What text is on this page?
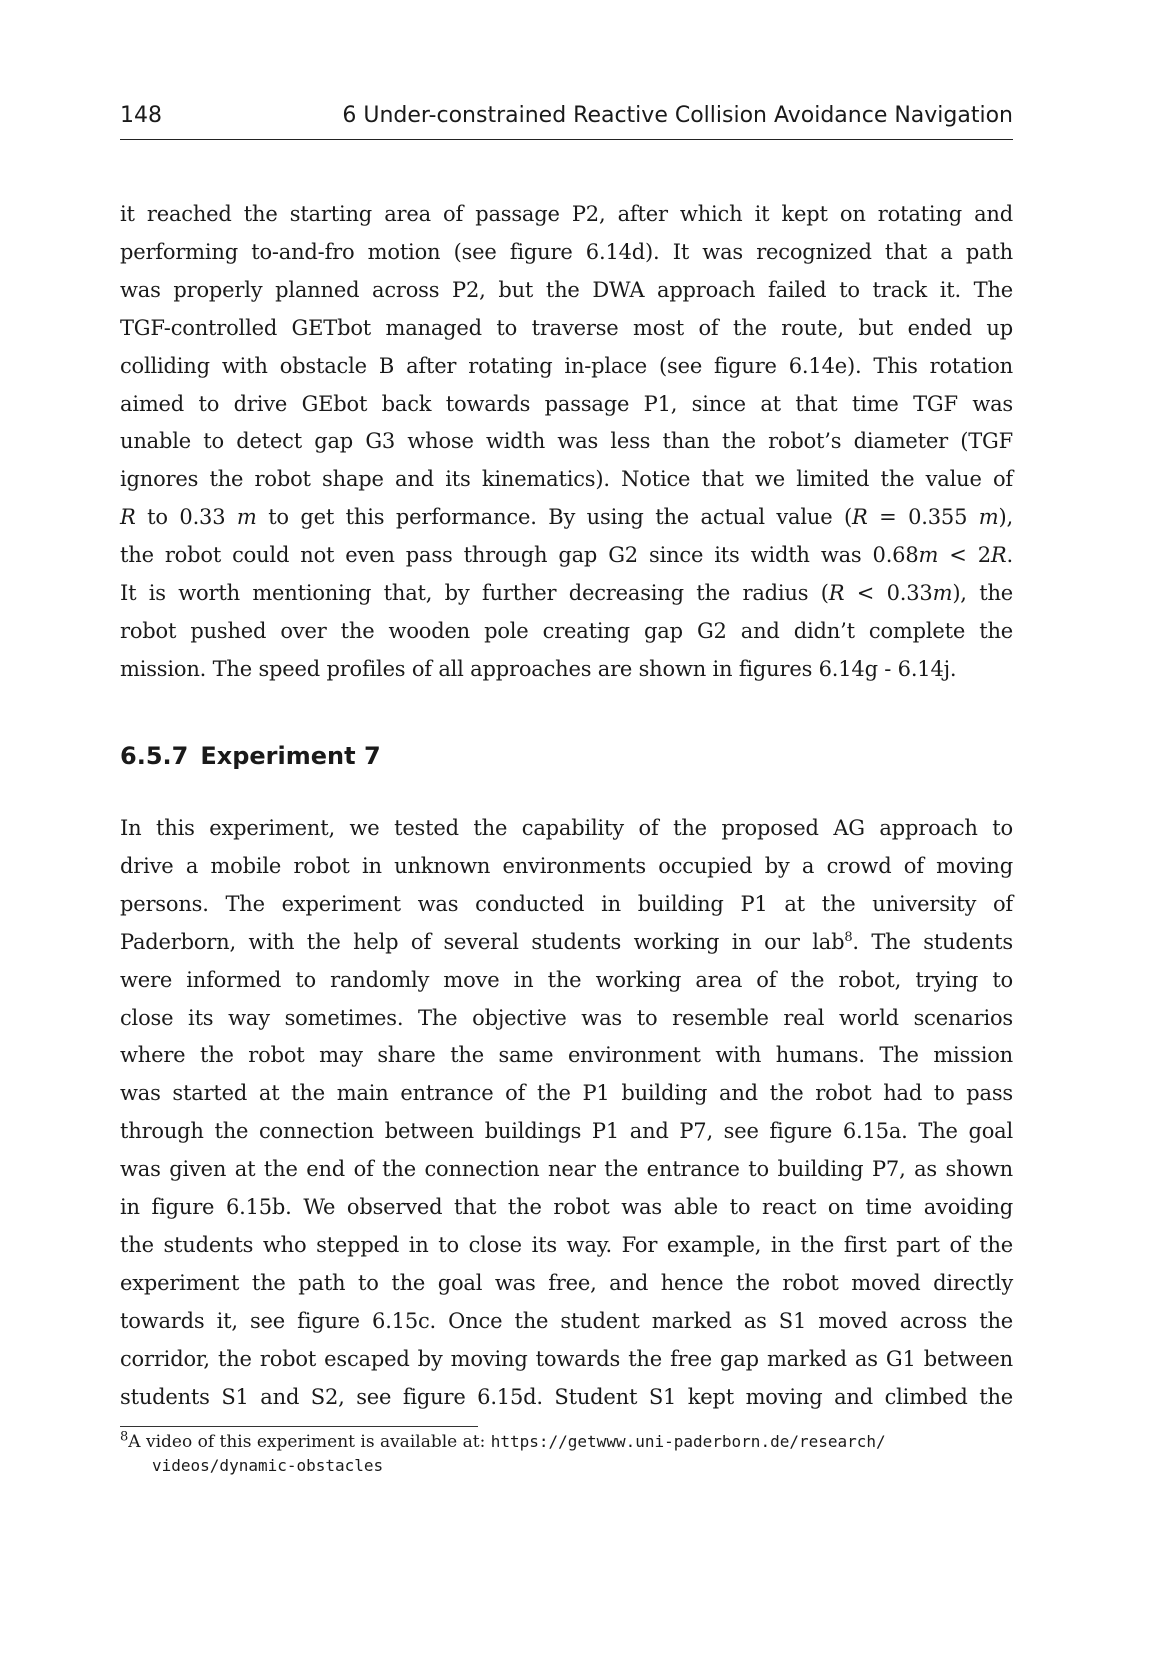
148	6 Under-constrained Reactive Collision Avoidance Navigation
it reached the starting area of passage P2, after which it kept on rotating and
performing to-and-fro motion (see figure 6.14d). It was recognized that a path
was properly planned across P2, but the DWA approach failed to track it. The
TGF-controlled GETbot managed to traverse most of the route, but ended up
colliding with obstacle B after rotating in-place (see figure 6.14e). This rotation
aimed to drive GEbot back towards passage P1, since at that time TGF was
unable to detect gap G3 whose width was less than the robot’s diameter (TGF
ignores the robot shape and its kinematics). Notice that we limited the value of
R to 0.33 m to get this performance. By using the actual value (R = 0.355 m),
the robot could not even pass through gap G2 since its width was 0.68m < 2R.
It is worth mentioning that, by further decreasing the radius (R < 0.33m), the
robot pushed over the wooden pole creating gap G2 and didn’t complete the
mission. The speed profiles of all approaches are shown in figures 6.14g - 6.14j.
6.5.7 Experiment 7
In this experiment, we tested the capability of the proposed AG approach to
drive a mobile robot in unknown environments occupied by a crowd of moving
persons. The experiment was conducted in building P1 at the university of
Paderborn, with the help of several students working in our lab$^8$. The students
were informed to randomly move in the working area of the robot, trying to
close its way sometimes. The objective was to resemble real world scenarios
where the robot may share the same environment with humans. The mission
was started at the main entrance of the P1 building and the robot had to pass
through the connection between buildings P1 and P7, see figure 6.15a. The goal
was given at the end of the connection near the entrance to building P7, as shown
in figure 6.15b. We observed that the robot was able to react on time avoiding
the students who stepped in to close its way. For example, in the first part of the
experiment the path to the goal was free, and hence the robot moved directly
towards it, see figure 6.15c. Once the student marked as S1 moved across the
corridor, the robot escaped by moving towards the free gap marked as G1 between
students S1 and S2, see figure 6.15d. Student S1 kept moving and climbed the
$^8$A video of this experiment is available at: https://getwww.uni-paderborn.de/research/
videos/dynamic-obstacles
